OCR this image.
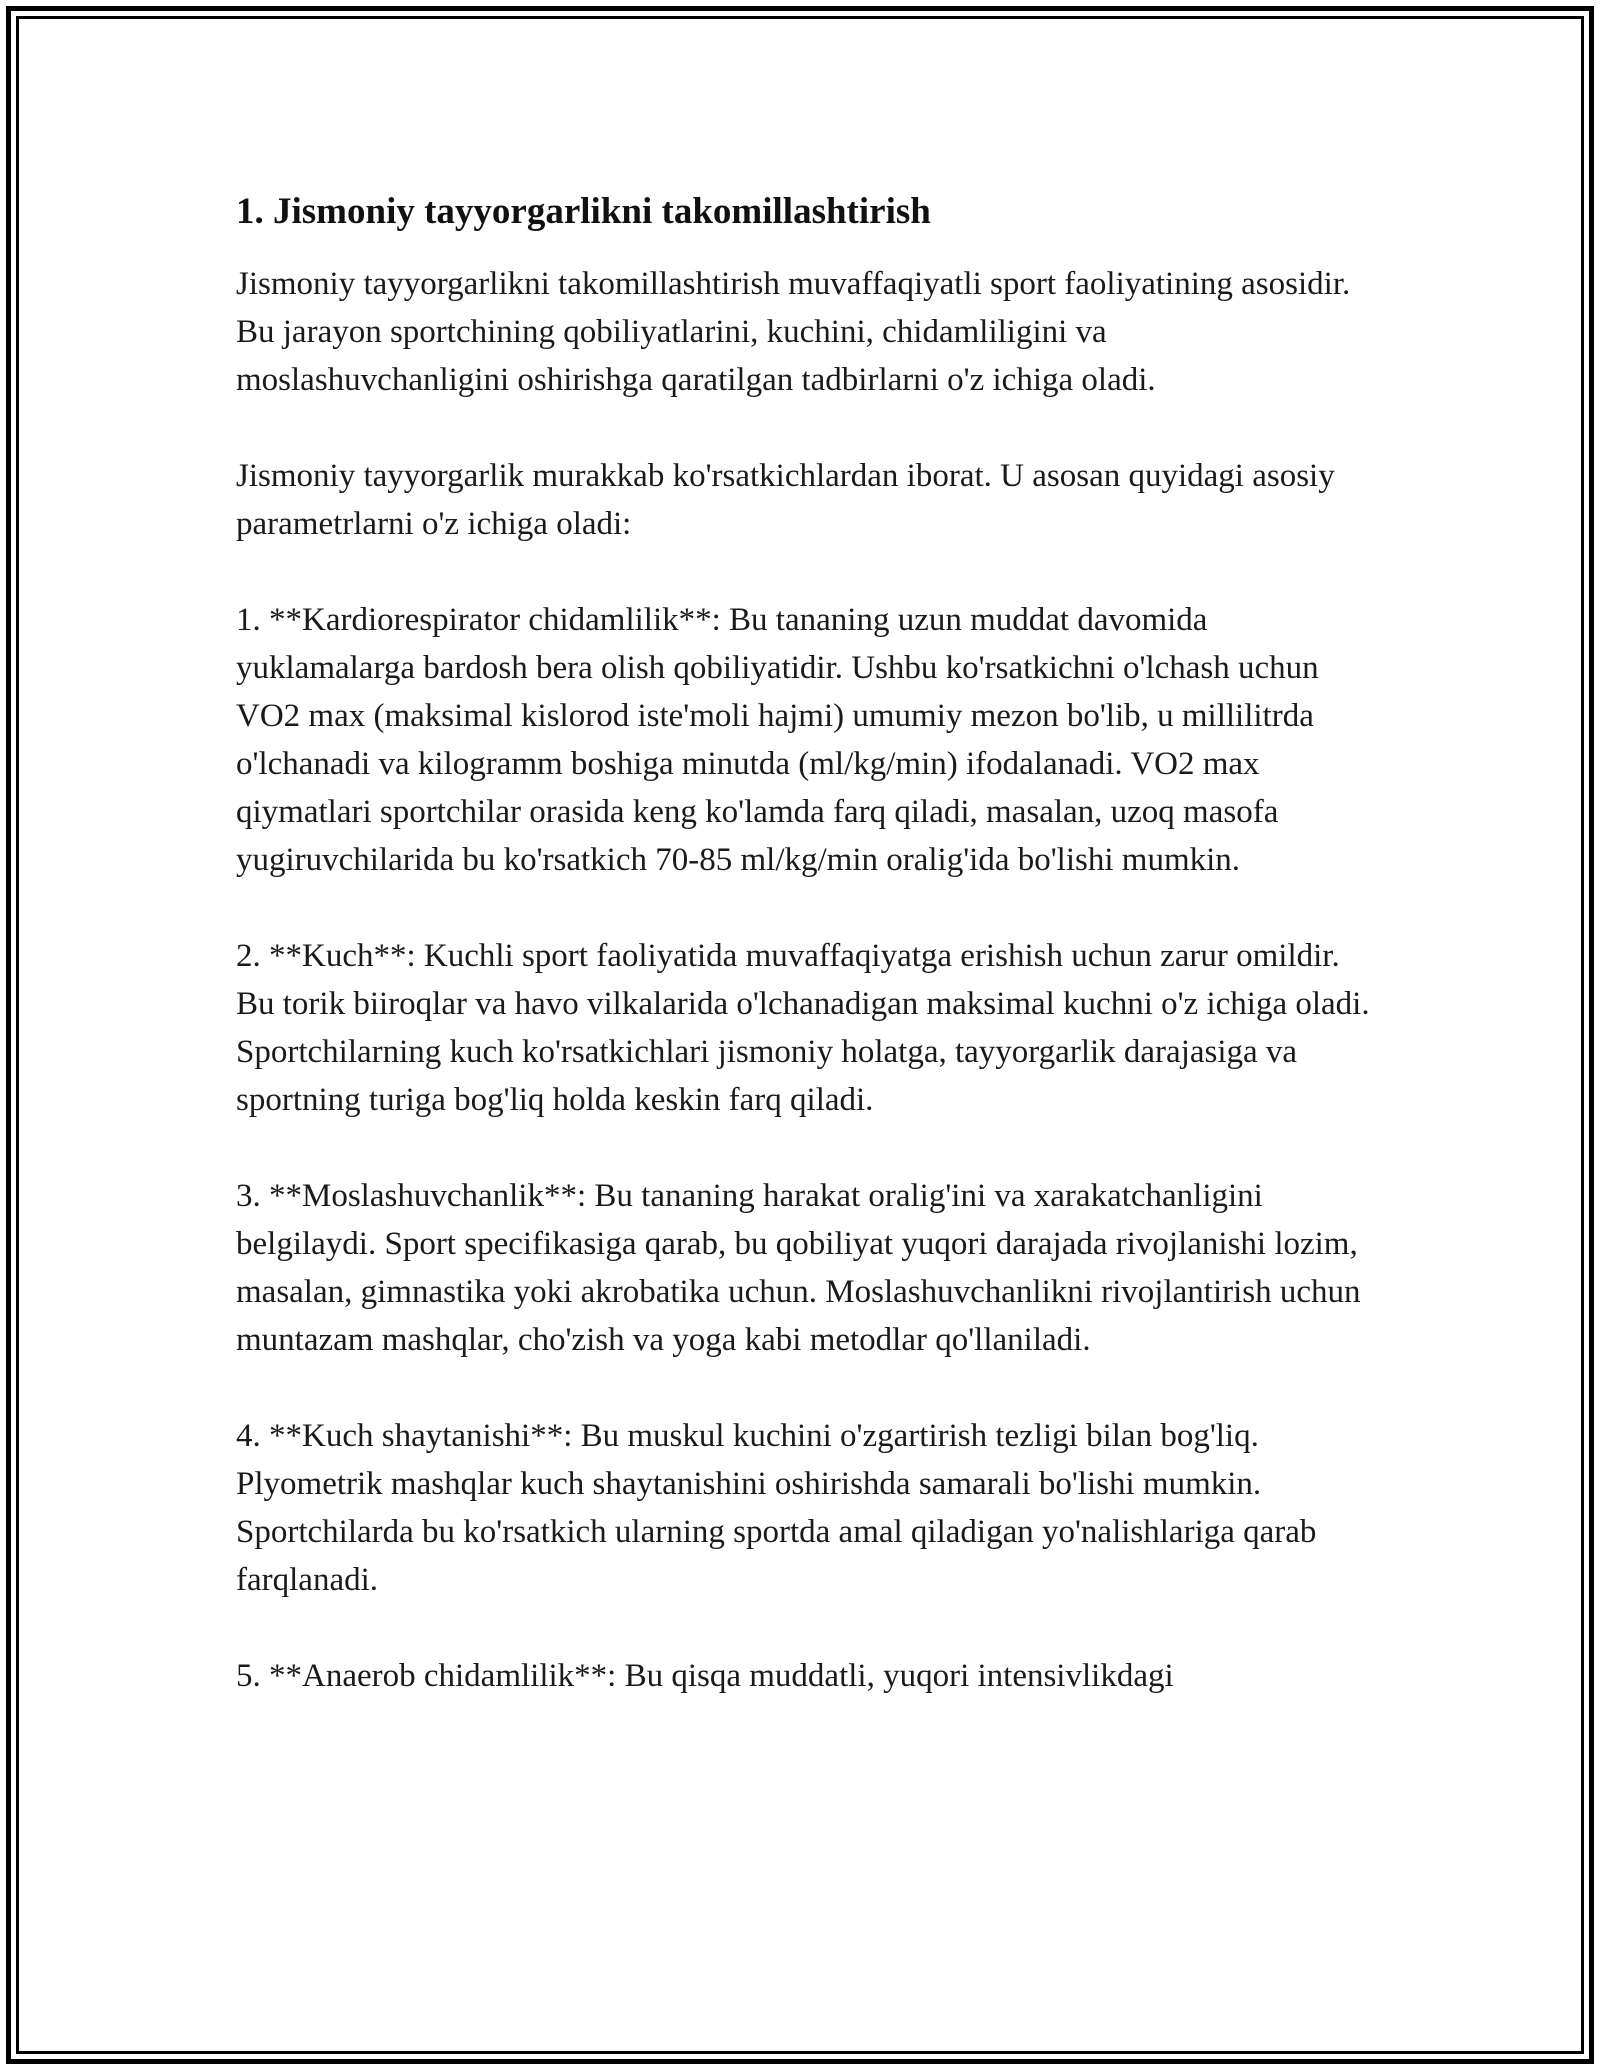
1. Jismoniy tayyorgarlikni takomillashtirish

Jismoniy tayyorgarlikni takomillashtirish muvaffaqiyatli sport faoliyatining asosidir. Bu jarayon sportchining qobiliyatlarini, kuchini, chidamliligini va moslashuvchanligini oshirishga qaratilgan tadbirlarni o'z ichiga oladi.

Jismoniy tayyorgarlik murakkab ko'rsatkichlardan iborat. U asosan quyidagi asosiy parametrlarni o'z ichiga oladi:

1. **Kardiorespirator chidamlilik**: Bu tananing uzun muddat davomida yuklamalarga bardosh bera olish qobiliyatidir. Ushbu ko'rsatkichni o'lchash uchun VO2 max (maksimal kislorod iste'moli hajmi) umumiy mezon bo'lib, u millilitrda o'lchanadi va kilogramm boshiga minutda (ml/kg/min) ifodalanadi. VO2 max qiymatlari sportchilar orasida keng ko'lamda farq qiladi, masalan, uzoq masofa yugiruvchilarida bu ko'rsatkich 70-85 ml/kg/min oralig'ida bo'lishi mumkin.

2. **Kuch**: Kuchli sport faoliyatida muvaffaqiyatga erishish uchun zarur omildir. Bu torik biiroqlar va havo vilkalarida o'lchanadigan maksimal kuchni o'z ichiga oladi. Sportchilarning kuch ko'rsatkichlari jismoniy holatga, tayyorgarlik darajasiga va sportning turiga bog'liq holda keskin farq qiladi.

3. **Moslashuvchanlik**: Bu tananing harakat oralig'ini va xarakatchanligini belgilaydi. Sport specifikasiga qarab, bu qobiliyat yuqori darajada rivojlanishi lozim, masalan, gimnastika yoki akrobatika uchun. Moslashuvchanlikni rivojlantirish uchun muntazam mashqlar, cho'zish va yoga kabi metodlar qo'llaniladi.

4. **Kuch shaytanishi**: Bu muskul kuchini o'zgartirish tezligi bilan bog'liq. Plyometrik mashqlar kuch shaytanishini oshirishda samarali bo'lishi mumkin. Sportchilarda bu ko'rsatkich ularning sportda amal qiladigan yo'nalishlariga qarab farqlanadi.

5. **Anaerob chidamlilik**: Bu qisqa muddatli, yuqori intensivlikdagi
